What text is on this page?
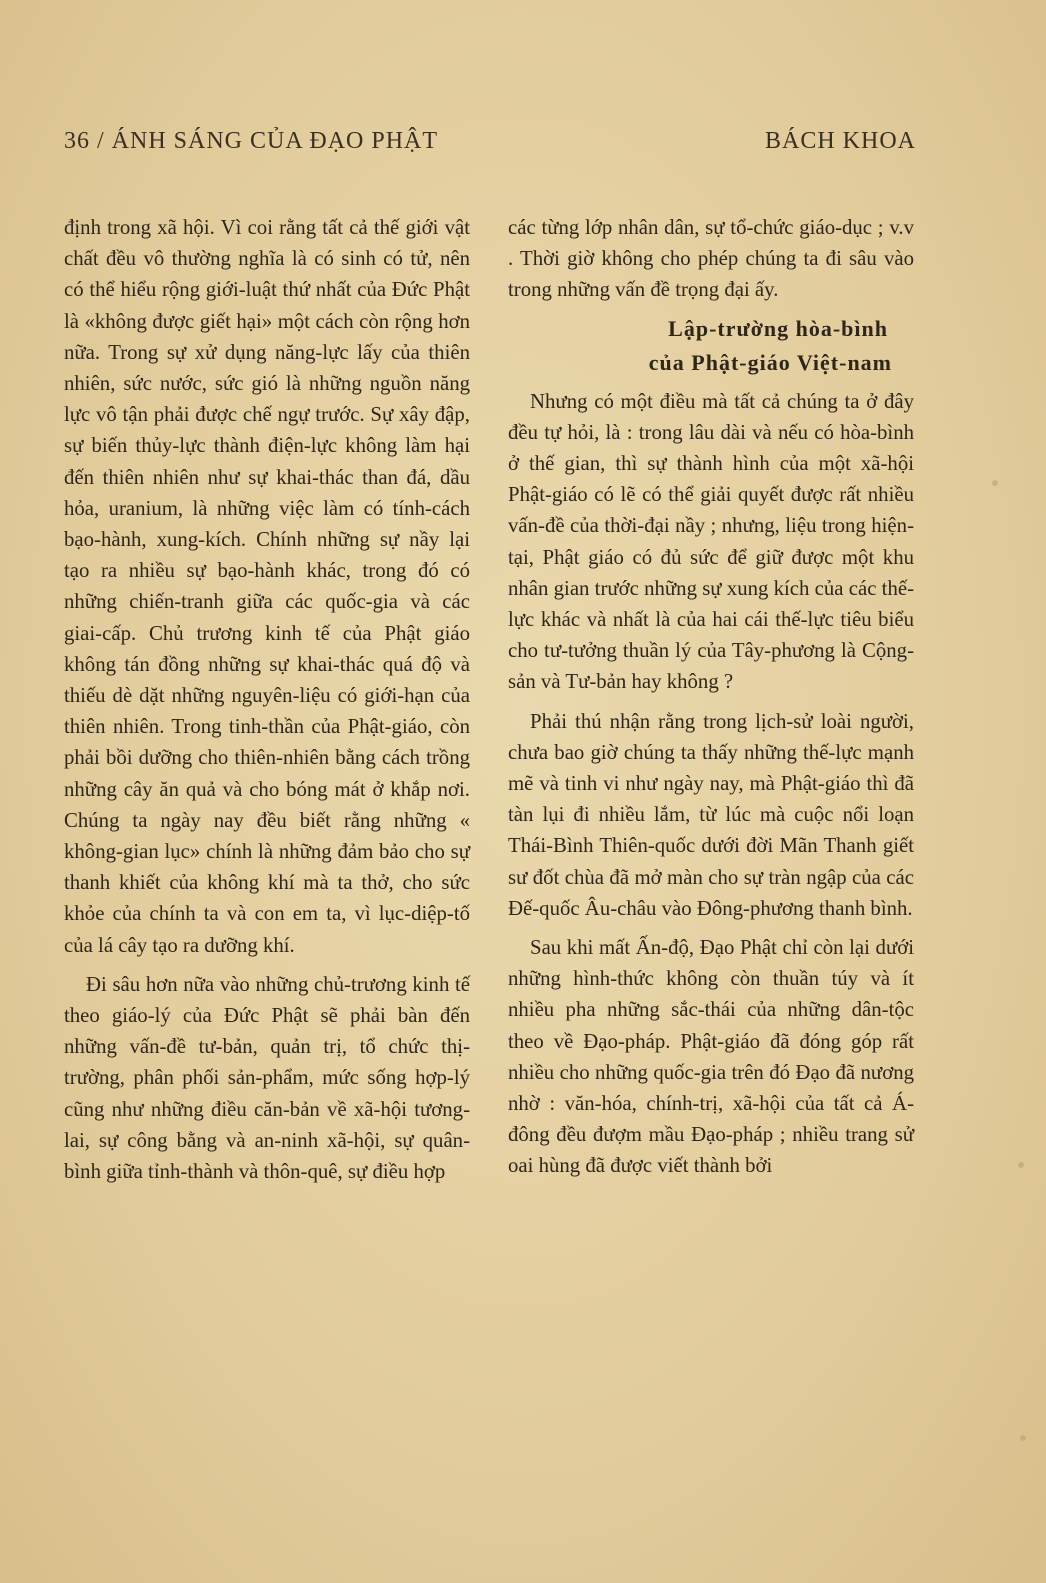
36 / ÁNH SÁNG CỦA ĐẠO PHẬT	BÁCH KHOA

định trong xã hội. Vì coi rằng tất cả thế giới vật chất đều vô thường nghĩa là có sinh có tử, nên có thể hiểu rộng giới-luật thứ nhất của Đức Phật là «không được giết hại» một cách còn rộng hơn nữa. Trong sự xử dụng năng-lực lấy của thiên nhiên, sức nước, sức gió là những nguồn năng lực vô tận phải được chế ngự trước. Sự xây đập, sự biến thủy-lực thành điện-lực không làm hại đến thiên nhiên như sự khai-thác than đá, dầu hỏa, uranium, là những việc làm có tính-cách bạo-hành, xung-kích. Chính những sự nầy lại tạo ra nhiều sự bạo-hành khác, trong đó có những chiến-tranh giữa các quốc-gia và các giai-cấp. Chủ trương kinh tế của Phật giáo không tán đồng những sự khai-thác quá độ và thiếu dè dặt những nguyên-liệu có giới-hạn của thiên nhiên. Trong tinh-thần của Phật-giáo, còn phải bồi dưỡng cho thiên-nhiên bằng cách trồng những cây ăn quả và cho bóng mát ở khắp nơi. Chúng ta ngày nay đều biết rằng những « không-gian lục» chính là những đảm bảo cho sự thanh khiết của không khí mà ta thở, cho sức khỏe của chính ta và con em ta, vì lục-diệp-tố của lá cây tạo ra dưỡng khí.

Đi sâu hơn nữa vào những chủ-trương kinh tế theo giáo-lý của Đức Phật sẽ phải bàn đến những vấn-đề tư-bản, quản trị, tổ chức thị-trường, phân phối sản-phẩm, mức sống hợp-lý cũng như những điều căn-bản về xã-hội tương-lai, sự công bằng và an-ninh xã-hội, sự quân-bình giữa tỉnh-thành và thôn-quê, sự điều hợp

các từng lớp nhân dân, sự tổ-chức giáo-dục ; v.v . Thời giờ không cho phép chúng ta đi sâu vào trong những vấn đề trọng đại ấy.

Lập-trường hòa-bình
của Phật-giáo Việt-nam

Nhưng có một điều mà tất cả chúng ta ở đây đều tự hỏi, là : trong lâu dài và nếu có hòa-bình ở thế gian, thì sự thành hình của một xã-hội Phật-giáo có lẽ có thể giải quyết được rất nhiều vấn-đề của thời-đại nầy ; nhưng, liệu trong hiện-tại, Phật giáo có đủ sức để giữ được một khu nhân gian trước những sự xung kích của các thế-lực khác và nhất là của hai cái thế-lực tiêu biểu cho tư-tưởng thuần lý của Tây-phương là Cộng-sản và Tư-bản hay không ?

Phải thú nhận rằng trong lịch-sử loài người, chưa bao giờ chúng ta thấy những thế-lực mạnh mẽ và tinh vi như ngày nay, mà Phật-giáo thì đã tàn lụi đi nhiều lắm, từ lúc mà cuộc nổi loạn Thái-Bình Thiên-quốc dưới đời Mãn Thanh giết sư đốt chùa đã mở màn cho sự tràn ngập của các Đế-quốc Âu-châu vào Đông-phương thanh bình.

Sau khi mất Ấn-độ, Đạo Phật chỉ còn lại dưới những hình-thức không còn thuần túy và ít nhiều pha những sắc-thái của những dân-tộc theo về Đạo-pháp. Phật-giáo đã đóng góp rất nhiều cho những quốc-gia trên đó Đạo đã nương nhờ : văn-hóa, chính-trị, xã-hội của tất cả Á-đông đều đượm mầu Đạo-pháp ; nhiều trang sử oai hùng đã được viết thành bởi
